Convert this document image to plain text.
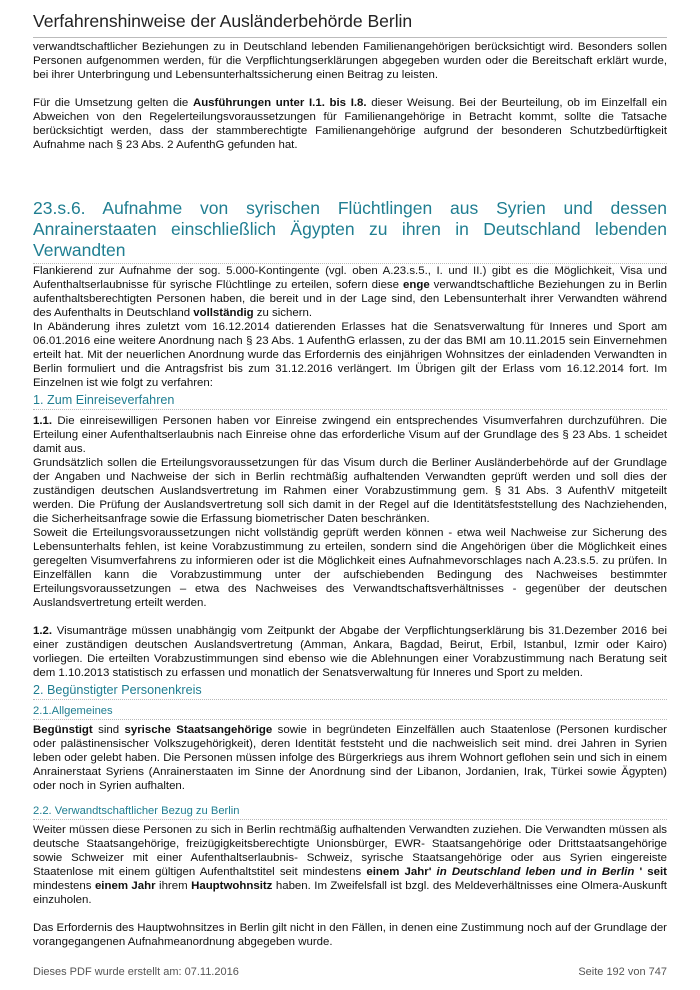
Verfahrenshinweise der Ausländerbehörde Berlin

verwandtschaftlicher Beziehungen zu in Deutschland lebenden Familienangehörigen berücksichtigt wird. Besonders sollen Personen aufgenommen werden, für die Verpflichtungserklärungen abgegeben wurden oder die Bereitschaft erklärt wurde, bei ihrer Unterbringung und Lebensunterhaltssicherung einen Beitrag zu leisten.

Für die Umsetzung gelten die Ausführungen unter I.1. bis I.8. dieser Weisung. Bei der Beurteilung, ob im Einzelfall ein Abweichen von den Regelerteilungsvoraussetzungen für Familienangehörige in Betracht kommt, sollte die Tatsache berücksichtigt werden, dass der stammberechtigte Familienangehörige aufgrund der besonderen Schutzbedürftigkeit Aufnahme nach § 23 Abs. 2 AufenthG gefunden hat.

23.s.6. Aufnahme von syrischen Flüchtlingen aus Syrien und dessen Anrainerstaaten einschließlich Ägypten zu ihren in Deutschland lebenden Verwandten

Flankierend zur Aufnahme der sog. 5.000-Kontingente (vgl. oben A.23.s.5., I. und II.) gibt es die Möglichkeit, Visa und Aufenthaltserlaubnisse für syrische Flüchtlinge zu erteilen, sofern diese enge verwandtschaftliche Beziehungen zu in Berlin aufenthaltsberechtigten Personen haben, die bereit und in der Lage sind, den Lebensunterhalt ihrer Verwandten während des Aufenthalts in Deutschland vollständig zu sichern.

In Abänderung ihres zuletzt vom 16.12.2014 datierenden Erlasses hat die Senatsverwaltung für Inneres und Sport am 06.01.2016 eine weitere Anordnung nach § 23 Abs. 1 AufenthG erlassen, zu der das BMI am 10.11.2015 sein Einvernehmen erteilt hat. Mit der neuerlichen Anordnung wurde das Erfordernis des einjährigen Wohnsitzes der einladenden Verwandten in Berlin formuliert und die Antragsfrist bis zum 31.12.2016 verlängert. Im Übrigen gilt der Erlass vom 16.12.2014 fort. Im Einzelnen ist wie folgt zu verfahren:

1. Zum Einreiseverfahren

1.1. Die einreisewilligen Personen haben vor Einreise zwingend ein entsprechendes Visumverfahren durchzuführen. Die Erteilung einer Aufenthaltserlaubnis nach Einreise ohne das erforderliche Visum auf der Grundlage des § 23 Abs. 1 scheidet damit aus.

Grundsätzlich sollen die Erteilungsvoraussetzungen für das Visum durch die Berliner Ausländerbehörde auf der Grundlage der Angaben und Nachweise der sich in Berlin rechtmäßig aufhaltenden Verwandten geprüft werden und soll dies der zuständigen deutschen Auslandsvertretung im Rahmen einer Vorabzustimmung gem. § 31 Abs. 3 AufenthV mitgeteilt werden. Die Prüfung der Auslandsvertretung soll sich damit in der Regel auf die Identitätsfeststellung des Nachziehenden, die Sicherheitsanfrage sowie die Erfassung biometrischer Daten beschränken.

Soweit die Erteilungsvoraussetzungen nicht vollständig geprüft werden können - etwa weil Nachweise zur Sicherung des Lebensunterhalts fehlen, ist keine Vorabzustimmung zu erteilen, sondern sind die Angehörigen über die Möglichkeit eines geregelten Visumverfahrens zu informieren oder ist die Möglichkeit eines Aufnahmevorschlages nach A.23.s.5. zu prüfen. In Einzelfällen kann die Vorabzustimmung unter der aufschiebenden Bedingung des Nachweises bestimmter Erteilungsvoraussetzungen – etwa des Nachweises des Verwandtschaftsverhältnisses - gegenüber der deutschen Auslandsvertretung erteilt werden.

1.2. Visumanträge müssen unabhängig vom Zeitpunkt der Abgabe der Verpflichtungserklärung bis 31.Dezember 2016 bei einer zuständigen deutschen Auslandsvertretung (Amman, Ankara, Bagdad, Beirut, Erbil, Istanbul, Izmir oder Kairo) vorliegen. Die erteilten Vorabzustimmungen sind ebenso wie die Ablehnungen einer Vorabzustimmung nach Beratung seit dem 1.10.2013 statistisch zu erfassen und monatlich der Senatsverwaltung für Inneres und Sport zu melden.

2. Begünstigter Personenkreis
2.1.Allgemeines

Begünstigt sind syrische Staatsangehörige sowie in begründeten Einzelfällen auch Staatenlose (Personen kurdischer oder palästinensischer Volkszugehörigkeit), deren Identität feststeht und die nachweislich seit mind. drei Jahren in Syrien leben oder gelebt haben. Die Personen müssen infolge des Bürgerkriegs aus ihrem Wohnort geflohen sein und sich in einem Anrainerstaat Syriens (Anrainerstaaten im Sinne der Anordnung sind der Libanon, Jordanien, Irak, Türkei sowie Ägypten) oder noch in Syrien aufhalten.

2.2. Verwandtschaftlicher Bezug zu Berlin

Weiter müssen diese Personen zu sich in Berlin rechtmäßig aufhaltenden Verwandten zuziehen. Die Verwandten müssen als deutsche Staatsangehörige, freizügigkeitsberechtigte Unionsbürger, EWR- Staatsangehörige oder Drittstaatsangehörige sowie Schweizer mit einer Aufenthaltserlaubnis- Schweiz, syrische Staatsangehörige oder aus Syrien eingereiste Staatenlose mit einem gültigen Aufenthaltstitel seit mindestens einem Jahr' in Deutschland leben und in Berlin ' seit mindestens einem Jahr ihrem Hauptwohnsitz haben. Im Zweifelsfall ist bzgl. des Meldeverhältnisses eine Olmera-Auskunft einzuholen.

Das Erfordernis des Hauptwohnsitzes in Berlin gilt nicht in den Fällen, in denen eine Zustimmung noch auf der Grundlage der vorangegangenen Aufnahmeanordnung abgegeben wurde.

Dieses PDF wurde erstellt am: 07.11.2016	Seite 192 von 747
